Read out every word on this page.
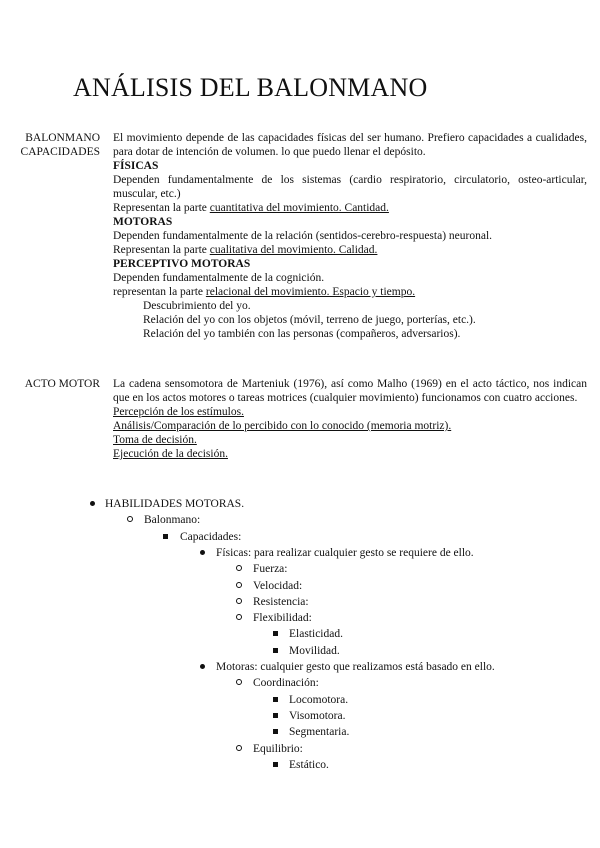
ANÁLISIS DEL BALONMANO
BALONMANO
CAPACIDADES
El movimiento depende de las capacidades físicas del ser humano. Prefiero capacidades a cualidades, para dotar de intención de volumen. lo que puedo llenar el depósito.
FÍSICAS
Dependen fundamentalmente de los sistemas (cardio respiratorio, circulatorio, osteo-articular, muscular, etc.)
Representan la parte cuantitativa del movimiento. Cantidad.
MOTORAS
Dependen fundamentalmente de la relación (sentidos-cerebro-respuesta) neuronal.
Representan la parte cualitativa del movimiento. Calidad.
PERCEPTIVO MOTORAS
Dependen fundamentalmente de la cognición.
representan la parte relacional del movimiento. Espacio y tiempo.
Descubrimiento del yo.
Relación del yo con los objetos (móvil, terreno de juego, porterías, etc.).
Relación del yo también con las personas (compañeros, adversarios).
ACTO MOTOR La cadena sensomotora de Marteniuk (1976), así como Malho (1969) en el acto táctico, nos indican que en los actos motores o tareas motrices (cualquier movimiento) funcionamos con cuatro acciones.
Percepción de los estímulos.
Análisis/Comparación de lo percibido con lo conocido (memoria motriz).
Toma de decisión.
Ejecución de la decisión.
HABILIDADES MOTORAS.
Balonmano:
Capacidades:
Físicas: para realizar cualquier gesto se requiere de ello.
Fuerza:
Velocidad:
Resistencia:
Flexibilidad:
Elasticidad.
Movilidad.
Motoras: cualquier gesto que realizamos está basado en ello.
Coordinación:
Locomotora.
Visomotora.
Segmentaria.
Equilibrio:
Estático.
